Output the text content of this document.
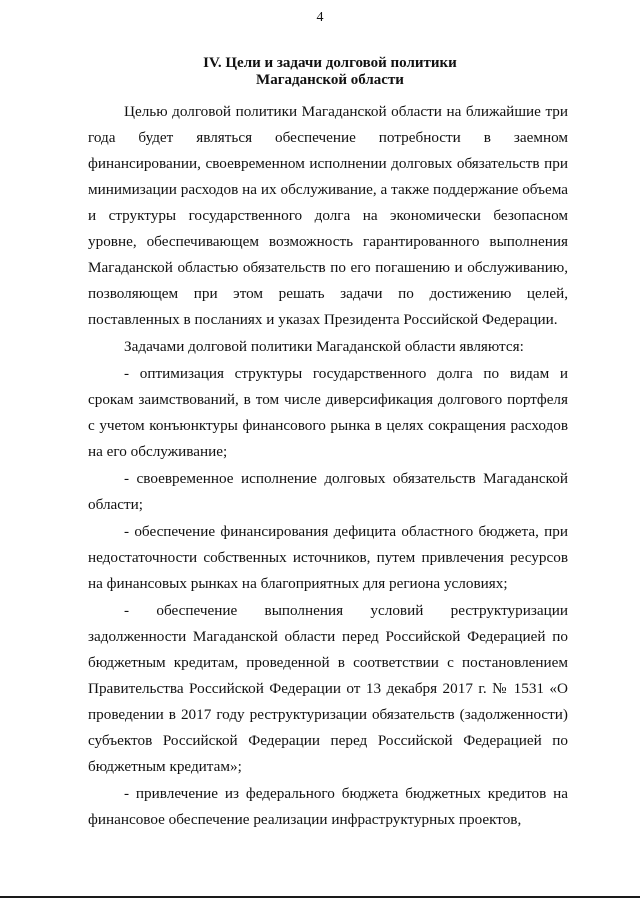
4
IV. Цели и задачи долговой политики
Магаданской области

Целью долговой политики Магаданской области на ближайшие три года будет являться обеспечение потребности в заемном финансировании, своевременном исполнении долговых обязательств при минимизации расходов на их обслуживание, а также поддержание объема и структуры государственного долга на экономически безопасном уровне, обеспечивающем возможность гарантированного выполнения Магаданской областью обязательств по его погашению и обслуживанию, позволяющем при этом решать задачи по достижению целей, поставленных в посланиях и указах Президента Российской Федерации.

Задачами долговой политики Магаданской области являются:

- оптимизация структуры государственного долга по видам и срокам заимствований, в том числе диверсификация долгового портфеля с учетом конъюнктуры финансового рынка в целях сокращения расходов на его обслуживание;

- своевременное исполнение долговых обязательств Магаданской области;

- обеспечение финансирования дефицита областного бюджета, при недостаточности собственных источников, путем привлечения ресурсов на финансовых рынках на благоприятных для региона условиях;

- обеспечение выполнения условий реструктуризации задолженности Магаданской области перед Российской Федерацией по бюджетным кредитам, проведенной в соответствии с постановлением Правительства Российской Федерации от 13 декабря 2017 г. № 1531 «О проведении в 2017 году реструктуризации обязательств (задолженности) субъектов Российской Федерации перед Российской Федерацией по бюджетным кредитам»;

- привлечение из федерального бюджета бюджетных кредитов на финансовое обеспечение реализации инфраструктурных проектов,
